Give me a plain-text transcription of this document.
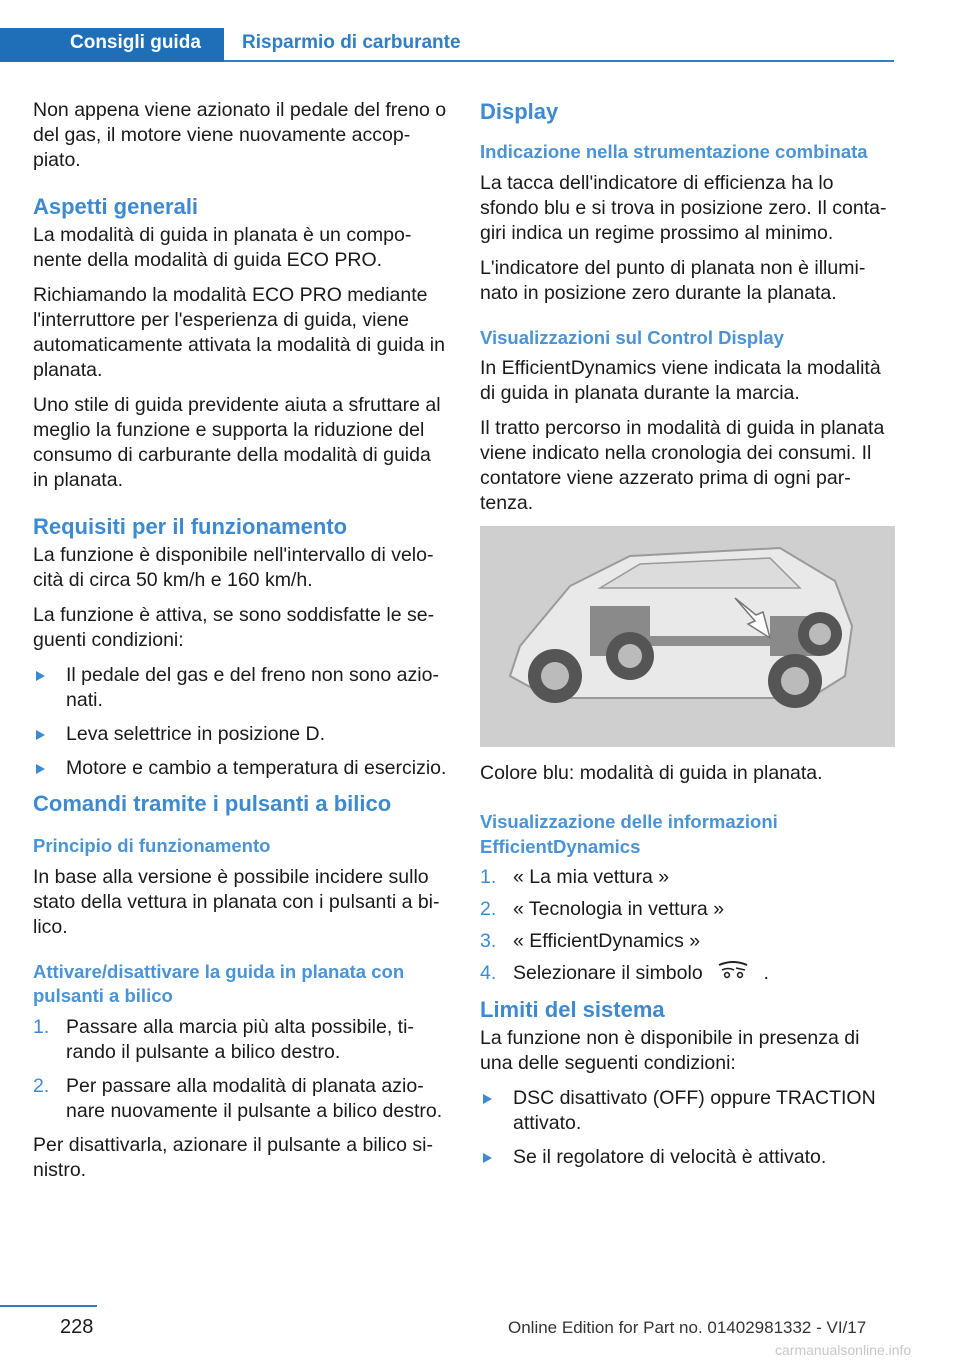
Consigli guida	Risparmio di carburante

Non appena viene azionato il pedale del freno o del gas, il motore viene nuovamente accoppiato.

Aspetti generali

La modalità di guida in planata è un componente della modalità di guida ECO PRO.

Richiamando la modalità ECO PRO mediante l'interruttore per l'esperienza di guida, viene automaticamente attivata la modalità di guida in planata.

Uno stile di guida previdente aiuta a sfruttare al meglio la funzione e supporta la riduzione del consumo di carburante della modalità di guida in planata.

Requisiti per il funzionamento

La funzione è disponibile nell'intervallo di velocità di circa 50 km/h e 160 km/h.

La funzione è attiva, se sono soddisfatte le seguenti condizioni:

Il pedale del gas e del freno non sono azionati.
Leva selettrice in posizione D.
Motore e cambio a temperatura di esercizio.
Comandi tramite i pulsanti a bilico
Principio di funzionamento

In base alla versione è possibile incidere sullo stato della vettura in planata con i pulsanti a bilico.

Attivare/disattivare la guida in planata con pulsanti a bilico
1. Passare alla marcia più alta possibile, tirando il pulsante a bilico destro.
2. Per passare alla modalità di planata azionare nuovamente il pulsante a bilico destro.

Per disattivarla, azionare il pulsante a bilico sinistro.

Display
Indicazione nella strumentazione combinata

La tacca dell'indicatore di efficienza ha lo sfondo blu e si trova in posizione zero. Il contagiri indica un regime prossimo al minimo.

L'indicatore del punto di planata non è illuminato in posizione zero durante la planata.

Visualizzazioni sul Control Display

In EfficientDynamics viene indicata la modalità di guida in planata durante la marcia.

Il tratto percorso in modalità di guida in planata viene indicato nella cronologia dei consumi. Il contatore viene azzerato prima di ogni partenza.

Colore blu: modalità di guida in planata.

Visualizzazione delle informazioni EfficientDynamics
1. « La mia vettura »
2. « Tecnologia in vettura »
3. « EfficientDynamics »
4. Selezionare il simbolo	.
Limiti del sistema

La funzione non è disponibile in presenza di una delle seguenti condizioni:

DSC disattivato (OFF) oppure TRACTION attivato.
Se il regolatore di velocità è attivato.
228	Online Edition for Part no. 01402981332 - VI/17
carmanualsonline.info
